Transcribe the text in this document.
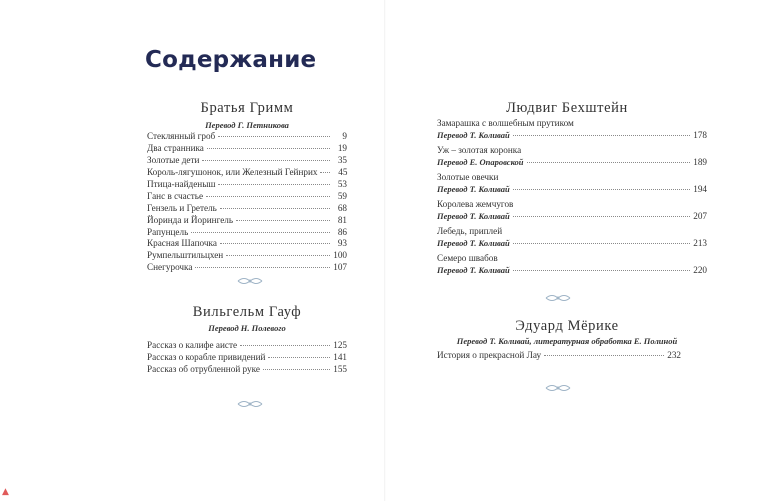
Содержание
Братья Гримм
Перевод Г. Петникова
Стеклянный гроб	9
Два странника	19
Золотые дети	35
Король-лягушонок, или Железный Гейнрих	45
Птица-найденыш	53
Ганс в счастье	59
Гензель и Гретель	68
Йоринда и Йорингель	81
Рапунцель	86
Красная Шапочка	93
Румпельштильцхен	100
Снегурочка	107
Вильгельм Гауф
Перевод Н. Полевого
Рассказ о калифе аисте	125
Рассказ о корабле привидений	141
Рассказ об отрубленной руке	155
Людвиг Бехштейн
Замарашка с волшебным прутиком
Перевод Т. Коливай	178
Уж – золотая коронка
Перевод Е. Опаровской	189
Золотые овечки
Перевод Т. Коливай	194
Королева жемчугов
Перевод Т. Коливай	207
Лебедь, приплей
Перевод Т. Коливай	213
Семеро швабов
Перевод Т. Коливай	220
Эдуард Мёрике
Перевод Т. Коливай, литературная обработка Е. Полиной
История о прекрасной Лау	232
▲
